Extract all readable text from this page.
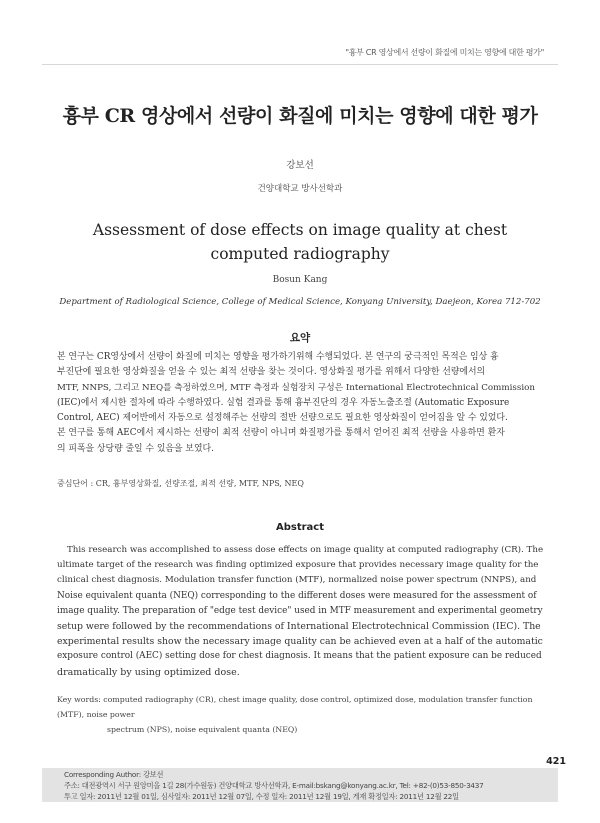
"흉부 CR 영상에서 선량이 화질에 미치는 영향에 대한 평가"
흉부 CR 영상에서 선량이 화질에 미치는 영향에 대한 평가
강보선
건양대학교 방사선학과
Assessment of dose effects on image quality at chest
computed radiography
Bosun Kang
Department of Radiological Science, College of Medical Science, Konyang University, Daejeon, Korea 712-702
요약
본 연구는 CR영상에서 선량이 화질에 미치는 영향을 평가하기위해 수행되었다. 본 연구의 궁극적인 목적은 임상 흉
부진단에 필요한 영상화질을 얻을 수 있는 최적 선량을 찾는 것이다. 영상화질 평가를 위해서 다양한 선량에서의
MTF, NNPS, 그리고 NEQ를 측정하였으며, MTF 측정과 실험장치 구성은 International Electrotechnical Commission
(IEC)에서 제시한 절차에 따라 수행하였다. 실험 결과를 통해 흉부진단의 경우 자동노출조절 (Automatic Exposure
Control, AEC) 제어반에서 자동으로 설정해주는 선량의 절반 선량으로도 필요한 영상화질이 얻어짐을 알 수 있었다.
본 연구를 통해 AEC에서 제시하는 선량이 최적 선량이 아니며 화질평가를 통해서 얻어진 최적 선량을 사용하면 환자
의 피폭을 상당량 줄일 수 있음을 보였다.
중심단어 : CR, 흉부영상화질, 선량조절, 최적 선량, MTF, NPS, NEQ
Abstract
This research was accomplished to assess dose effects on image quality at computed radiography (CR). The
ultimate target of the research was finding optimized exposure that provides necessary image quality for the
clinical chest diagnosis. Modulation transfer function (MTF), normalized noise power spectrum (NNPS), and
Noise equivalent quanta (NEQ) corresponding to the different doses were measured for the assessment of
image quality. The preparation of "edge test device" used in MTF measurement and experimental geometry
setup were followed by the recommendations of International Electrotechnical Commission (IEC). The
experimental results show the necessary image quality can be achieved even at a half of the automatic
exposure control (AEC) setting dose for chest diagnosis. It means that the patient exposure can be reduced
dramatically by using optimized dose.
Key words: computed radiography (CR), chest image quality, dose control, optimized dose, modulation transfer function (MTF), noise power
spectrum (NPS), noise equivalent quanta (NEQ)
421
Corresponding Author: 강보선
주소: 대전광역시 서구 원앙미을 1길 28(가수원동) 건양대학교 방사선학과, E-mail:bskang@konyang.ac.kr, Tel: +82-(0)53-850-3437
투고 일자: 2011년 12월 01일, 심사일자: 2011년 12월 07일, 수정 일자: 2011년 12월 19일, 게재 확정일자: 2011년 12월 22일
